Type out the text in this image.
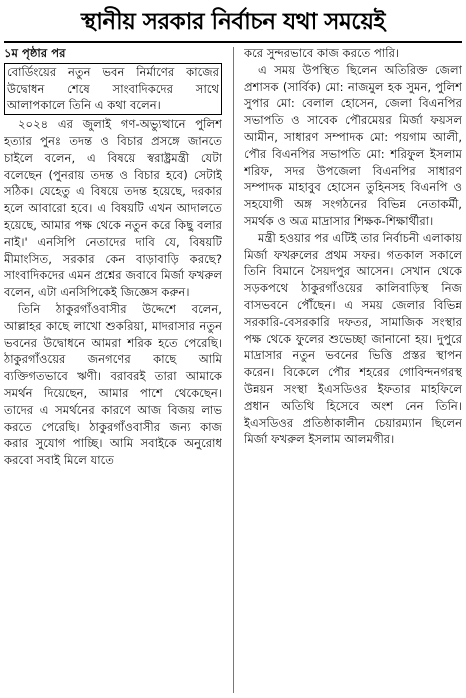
স্থানীয় সরকার নির্বাচন যথা সময়েই

১ম পৃষ্ঠার পর

বোর্ডিংয়ের নতুন ভবন নির্মাণের কাজের উদ্বোধন শেষে সাংবাদিকদের সাথে আলাপকালে তিনি এ কথা বলেন।

২০২৪ এর জুলাই গণ-অভ্যুত্থানে পুলিশ হত্যার পুনঃ তদন্ত ও বিচার প্রসঙ্গে জানতে চাইলে বলেন, এ বিষয়ে স্বরাষ্ট্রমন্ত্রী যেটা বলেছেন (পুনরায় তদন্ত ও বিচার হবে) সেটাই সঠিক। যেহেতু এ বিষয়ে তদন্ত হয়েছে, দরকার হলে আবারো হবে। এ বিষয়টি এখন আদালতে হয়েছে, আমার পক্ষ থেকে নতুন করে কিছু বলার নাই।' এনসিপি নেতাদের দাবি যে, বিষয়টি মীমাংসিত, সরকার কেন বাড়াবাড়ি করছে? সাংবাদিকদের এমন প্রশ্নের জবাবে মির্জা ফখরুল বলেন, এটা এনসিপিকেই জিজ্ঞেস করুন।

তিনি ঠাকুরগাঁওবাসীর উদ্দেশে বলেন, আল্লাহর কাছে লাখো শুকরিয়া, মাদরাসার নতুন ভবনের উদ্বোধনে আমরা শরিক হতে পেরেছি। ঠাকুরগাঁওয়ের জনগণের কাছে আমি ব্যক্তিগতভাবে ঋণী। বরাবরই তারা আমাকে সমর্থন দিয়েছেন, আমার পাশে থেকেছেন। তাদের এ সমর্থনের কারণে আজ বিজয় লাভ করতে পেরেছি। ঠাকুরগাঁওবাসীর জন্য কাজ করার সুযোগ পাচ্ছি। আমি সবাইকে অনুরোধ করবো সবাই মিলে যাতে

করে সুন্দরভাবে কাজ করতে পারি।

এ সময় উপস্থিত ছিলেন অতিরিক্ত জেলা প্রশাসক (সার্বিক) মো: নাজমুল হক সুমন, পুলিশ সুপার মো: বেলাল হোসেন, জেলা বিএনপির সভাপতি ও সাবেক পৌরমেয়র মির্জা ফয়সল আমীন, সাধারণ সম্পাদক মো: পয়গাম আলী, পৌর বিএনপির সভাপতি মো: শরিফুল ইসলাম শরিফ, সদর উপজেলা বিএনপির সাধারণ সম্পাদক মাহাবুব হোসেন তুহিনসহ বিএনপি ও সহযোগী অঙ্গ সংগঠনের বিভিন্ন নেতাকর্মী, সমর্থক ও অত্র মাদ্রাসার শিক্ষক-শিক্ষার্থীরা।

মন্ত্রী হওয়ার পর এটিই তার নির্বাচনী এলাকায় মির্জা ফখরুলের প্রথম সফর। গতকাল সকালে তিনি বিমানে সৈয়দপুর আসেন। সেখান থেকে সড়কপথে ঠাকুরগাঁওয়ের কালিবাড়িস্থ নিজ বাসভবনে পৌঁছেন। এ সময় জেলার বিভিন্ন সরকারি-বেসরকারি দফতর, সামাজিক সংস্থার পক্ষ থেকে ফুলের শুভেচ্ছা জানানো হয়। দুপুরে মাদ্রাসার নতুন ভবনের ভিত্তি প্রস্তর স্থাপন করেন। বিকেলে পৌর শহরের গোবিন্দনগরস্থ উন্নয়ন সংস্থা ইএসডিওর ইফতার মাহফিলে প্রধান অতিথি হিসেবে অংশ নেন তিনি। ইএসডিওর প্রতিষ্ঠাকালীন চেয়ারম্যান ছিলেন মির্জা ফখরুল ইসলাম আলমগীর।
